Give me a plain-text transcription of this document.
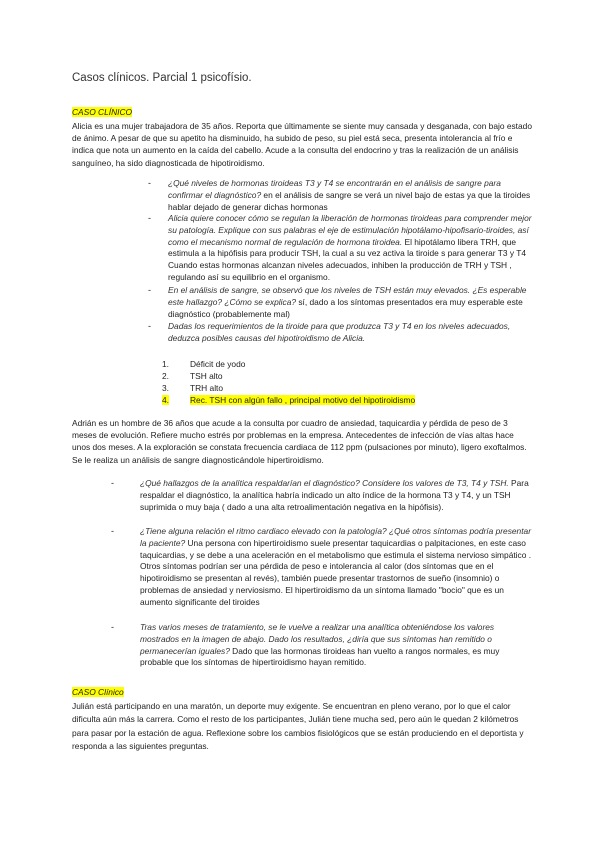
Casos clínicos. Parcial 1 psicofísio.
CASO CLÍNICO
Alicia es una mujer trabajadora de 35 años. Reporta que últimamente se siente muy cansada y desganada, con bajo estado de ánimo. A pesar de que su apetito ha disminuido, ha subido de peso, su piel está seca, presenta intolerancia al frío e indica que nota un aumento en la caída del cabello. Acude a la consulta del endocrino y tras la realización de un análisis sanguíneo, ha sido diagnosticada de hipotiroidismo.
- ¿Qué niveles de hormonas tiroideas T3 y T4 se encontrarán en el análisis de sangre para confirmar el diagnóstico? en el análisis de sangre se verá un nivel bajo de estas ya que la tiroides hablar dejado de generar dichas hormonas
- Alicia quiere conocer cómo se regulan la liberación de hormonas tiroideas para comprender mejor su patología. Explique con sus palabras el eje de estimulación hipotálamo-hipofisario-tiroides, así como el mecanismo normal de regulación de hormona tiroidea. El hipotálamo libera TRH, que estimula a la hipófisis para producir TSH, la cual a su vez activa la tiroide s para generar T3 y T4 Cuando estas hormonas alcanzan niveles adecuados, inhiben la producción de TRH y TSH , regulando así su equilibrio en el organismo.
- En el análisis de sangre, se observó que los niveles de TSH están muy elevados. ¿Es esperable este hallazgo? ¿Cómo se explica? sí, dado a los síntomas presentados era muy esperable este diagnóstico (probablemente mal)
- Dadas los requerimientos de la tiroide para que produzca T3 y T4 en los niveles adecuados, deduzca posibles causas del hipotiroidismo de Alicia.
1.	Déficit de yodo
2.	TSH alto
3.	TRH alto
4.	Rec. TSH con algún fallo , principal motivo del hipotiroidismo
Adrián es un hombre de 36 años que acude a la consulta por cuadro de ansiedad, taquicardia y pérdida de peso de 3 meses de evolución. Refiere mucho estrés por problemas en la empresa. Antecedentes de infección de vías altas hace unos dos meses. A la exploración se constata frecuencia cardiaca de 112 ppm (pulsaciones por minuto), ligero exoftalmos. Se le realiza un análisis de sangre diagnosticándole hipertiroidismo.
-	¿Qué hallazgos de la analítica respaldarían el diagnóstico? Considere los valores de T3, T4 y TSH. Para respaldar el diagnóstico, la analítica habría indicado un alto índice de la hormona T3 y T4, y un TSH suprimida o muy baja ( dado a una alta retroalimentación negativa en la hipófisis).
-	¿Tiene alguna relación el ritmo cardiaco elevado con la patología? ¿Qué otros síntomas podría presentar la paciente? Una persona con hipertiroidismo suele presentar taquicardias o palpitaciones, en este caso taquicardias, y se debe a una aceleración en el metabolismo que estimula el sistema nervioso simpático . Otros síntomas podrían ser una pérdida de peso e intolerancia al calor (dos síntomas que en el hipotiroidismo se presentan al revés), también puede presentar trastornos de sueño (insomnio) o problemas de ansiedad y nerviosismo. El hipertiroidismo da un síntoma llamado "bocio" que es un aumento significante del tiroides
-	Tras varios meses de tratamiento, se le vuelve a realizar una analítica obteniéndose los valores mostrados en la imagen de abajo. Dado los resultados, ¿diría que sus síntomas han remitido o permanecerían iguales? Dado que las hormonas tiroideas han vuelto a rangos normales, es muy probable que los síntomas de hipertiroidismo hayan remitido.
CASO Clínico
Julián está participando en una maratón, un deporte muy exigente. Se encuentran en pleno verano, por lo que el calor dificulta aún más la carrera. Como el resto de los participantes, Julián tiene mucha sed, pero aún le quedan 2 kilómetros para pasar por la estación de agua. Reflexione sobre los cambios fisiológicos que se están produciendo en el deportista y responda a las siguientes preguntas.
